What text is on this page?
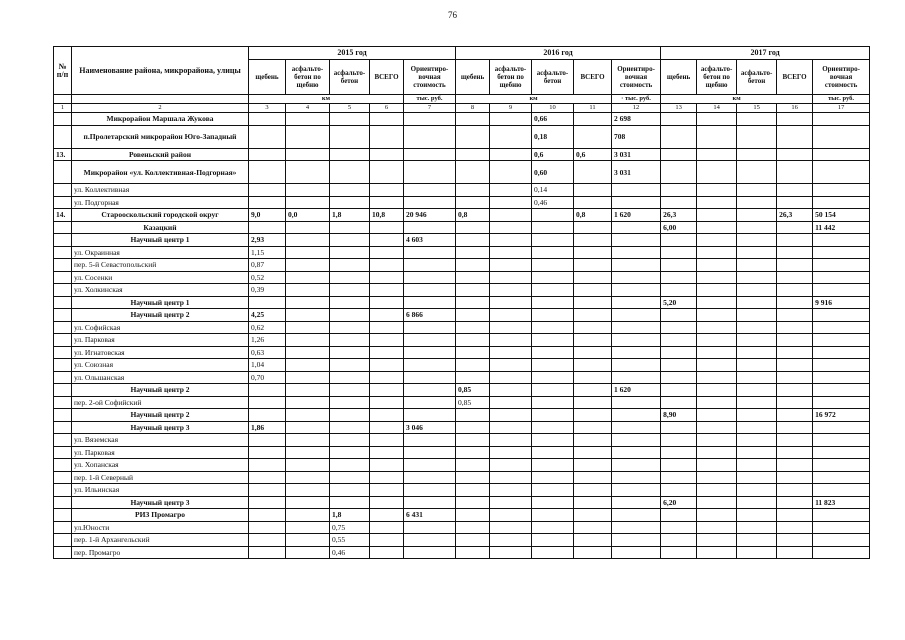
76
№ п/п	Наименование района, микрорайона, улицы	2015 год					2016 год					2017 год				
		щебень	асфальто-бетон по щебню	асфальто-бетон	ВСЕГО	Ориентиро-вочная стоимость	щебень	асфальто-бетон по щебню	асфальто-бетон	ВСЕГО	Ориентиро-вочная стоимость	щебень	асфальто-бетон по щебню	асфальто-бетон	ВСЕГО	Ориентиро-вочная стоимость
		км				тыс. руб.	км				· тыс. руб.	км				тыс. руб.
1	2	3	4	5	6	7	8	9	10	11	12	13	14	15	16	17
	Микрорайон Маршала Жукова								0,66		2 698					
	п.Пролетарский микрорайон Юго-Западный								0,18		708					
13.	Ровеньский район								0,6	0,6	3 031					
	Микрорайон «ул. Коллективная-Подгорная»								0,60		3 031					
	ул. Коллективная								0,14							
	ул. Подгорная								0,46							
14.	Старооскольский городской округ	9,0	0,0	1,8	10,8	20 946	0,8			0,8	1 620	26,3			26,3	50 154
	Казацкий											6,00				11 442
	Научный центр 1	2,93				4 603										
	ул. Окраинная	1,15														
	пер. 5-й Севастопольский	0,87														
	ул. Сосенки	0,52														
	ул. Холкинская	0,39														
	Научный центр 1											5,20				9 916
	Научный центр 2	4,25				6 866										
	ул. Софийская	0,62														
	ул. Парковая	1,26														
	ул. Игнатовская	0,63														
	ул. Союзная	1,04														
	ул. Ольшанская	0,70														
	Научный центр 2						0,85				1 620					
	пер. 2-ой Софийский						0,85									
	Научный центр 2											8,90				16 972
	Научный центр 3	1,86				3 046										
	ул. Вяземская															
	ул. Парковая															
	ул. Хопанская															
	пер. 1-й Северный															
	ул. Ильинская															
	Научный центр 3											6,20				11 823
	РИЗ Промагро			1,8		6 431										
	ул.Юности			0,75												
	пер. 1-й Архангельский			0,55												
	пер. Промагро			0,46												
